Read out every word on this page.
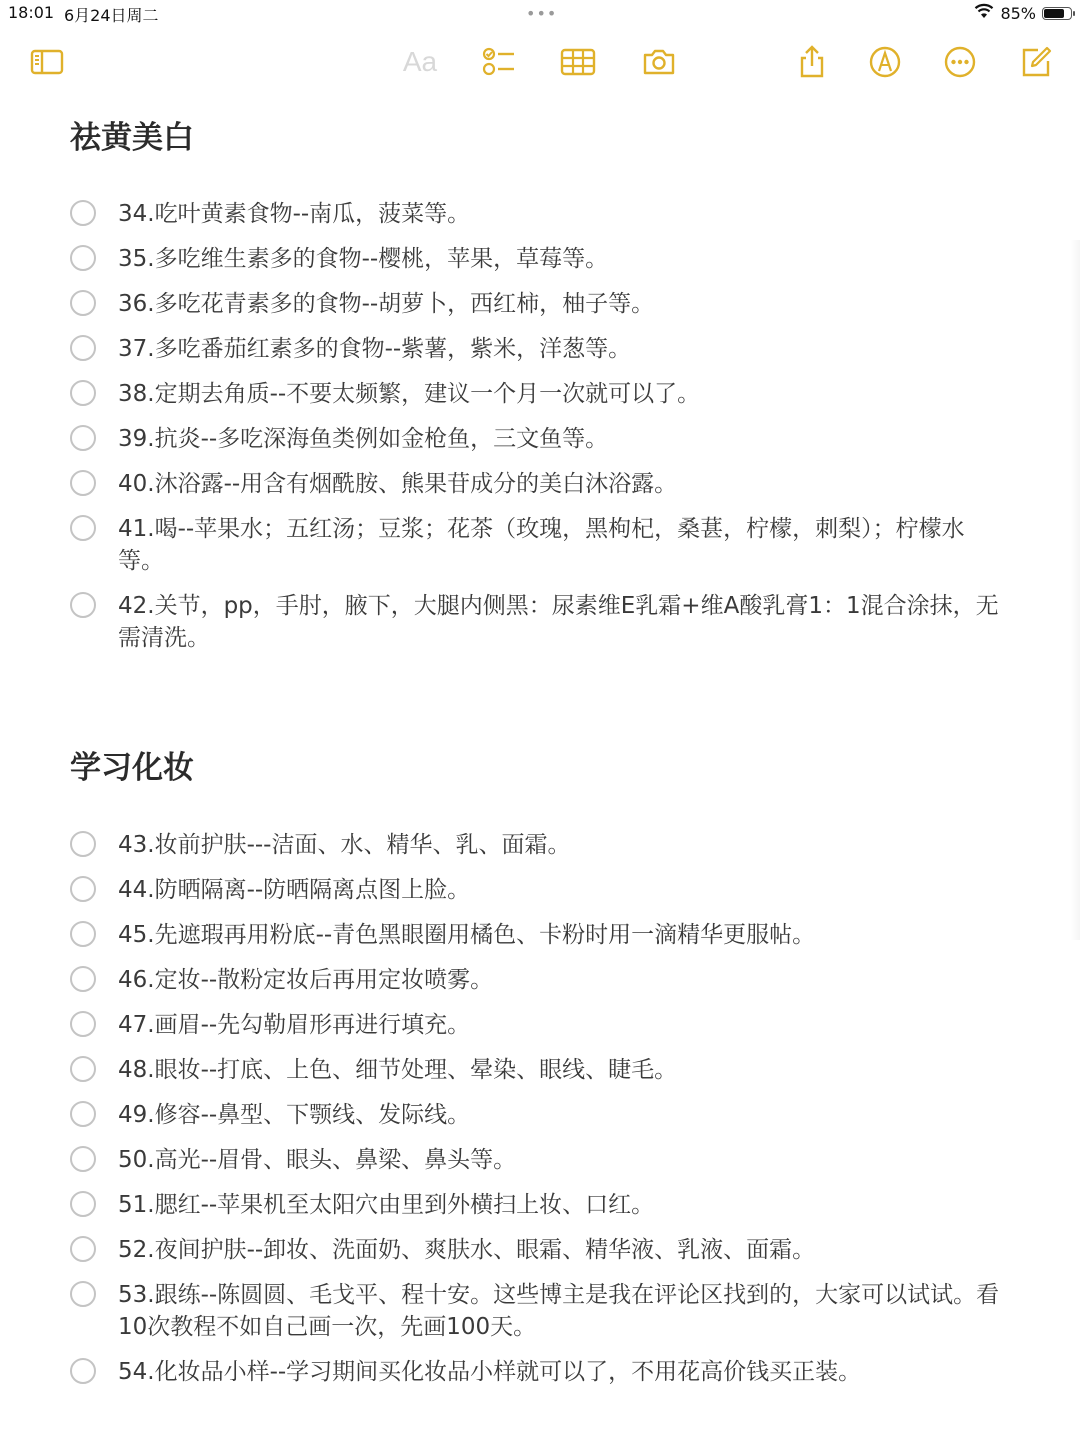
18:01 6月24日周二	•••	85%
Aa
祛黄美白
34.吃叶黄素食物--南瓜，菠菜等。
35.多吃维生素多的食物--樱桃，苹果，草莓等。
36.多吃花青素多的食物--胡萝卜，西红柿，柚子等。
37.多吃番茄红素多的食物--紫薯，紫米，洋葱等。
38.定期去角质--不要太频繁，建议一个月一次就可以了。
39.抗炎--多吃深海鱼类例如金枪鱼，三文鱼等。
40.沐浴露--用含有烟酰胺、熊果苷成分的美白沐浴露。
41.喝--苹果水；五红汤；豆浆；花茶（玫瑰，黑枸杞，桑葚，柠檬，刺梨）；柠檬水等。
42.关节，pp，手肘，腋下，大腿内侧黑：尿素维E乳霜+维A酸乳膏1：1混合涂抹，无需清洗。
学习化妆
43.妆前护肤---洁面、水、精华、乳、面霜。
44.防晒隔离--防晒隔离点图上脸。
45.先遮瑕再用粉底--青色黑眼圈用橘色、卡粉时用一滴精华更服帖。
46.定妆--散粉定妆后再用定妆喷雾。
47.画眉--先勾勒眉形再进行填充。
48.眼妆--打底、上色、细节处理、晕染、眼线、睫毛。
49.修容--鼻型、下颚线、发际线。
50.高光--眉骨、眼头、鼻梁、鼻头等。
51.腮红--苹果机至太阳穴由里到外横扫上妆、口红。
52.夜间护肤--卸妆、洗面奶、爽肤水、眼霜、精华液、乳液、面霜。
53.跟练--陈圆圆、毛戈平、程十安。这些博主是我在评论区找到的，大家可以试试。看10次教程不如自己画一次，先画100天。
54.化妆品小样--学习期间买化妆品小样就可以了，不用花高价钱买正装。
